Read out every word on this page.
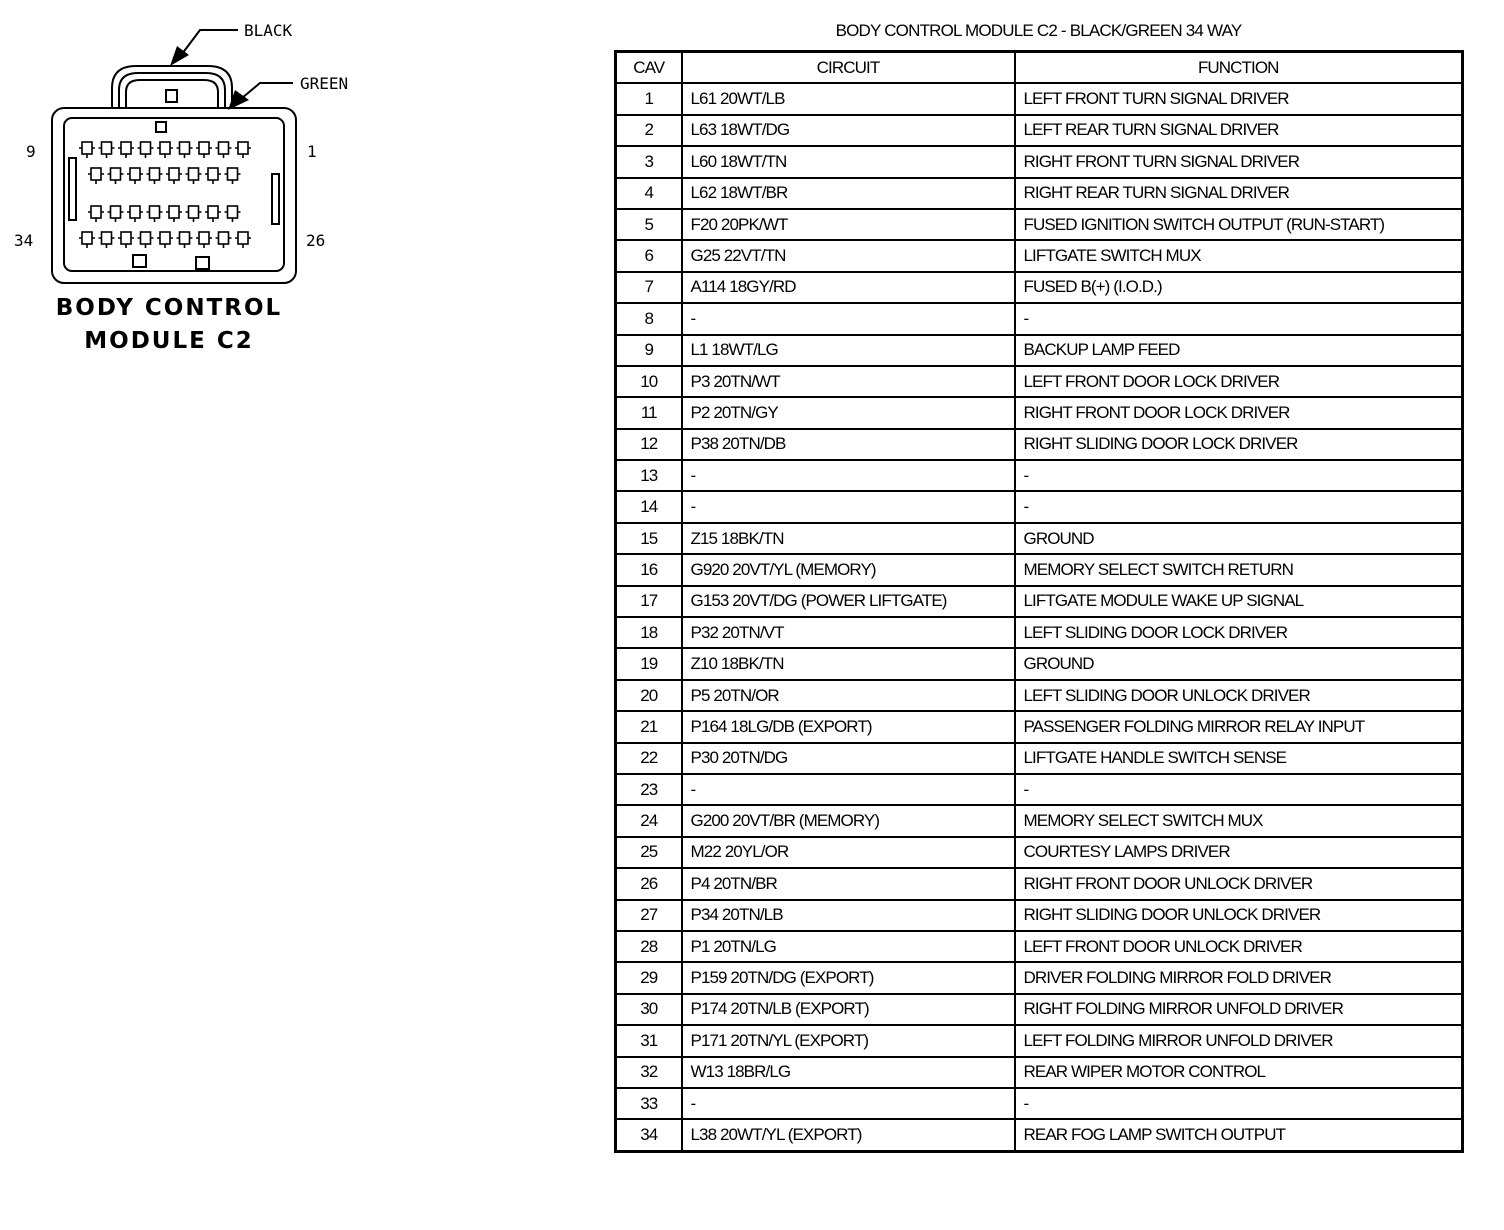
BLACK
GREEN
9	1
34	26
BODY CONTROL
MODULE C2
BODY CONTROL MODULE C2 - BLACK/GREEN 34 WAY
CAV	CIRCUIT	FUNCTION
1	L61 20WT/LB	LEFT FRONT TURN SIGNAL DRIVER
2	L63 18WT/DG	LEFT REAR TURN SIGNAL DRIVER
3	L60 18WT/TN	RIGHT FRONT TURN SIGNAL DRIVER
4	L62 18WT/BR	RIGHT REAR TURN SIGNAL DRIVER
5	F20 20PK/WT	FUSED IGNITION SWITCH OUTPUT (RUN-START)
6	G25 22VT/TN	LIFTGATE SWITCH MUX
7	A114 18GY/RD	FUSED B(+) (I.O.D.)
8	-	-
9	L1 18WT/LG	BACKUP LAMP FEED
10	P3 20TN/WT	LEFT FRONT DOOR LOCK DRIVER
11	P2 20TN/GY	RIGHT FRONT DOOR LOCK DRIVER
12	P38 20TN/DB	RIGHT SLIDING DOOR LOCK DRIVER
13	-	-
14	-	-
15	Z15 18BK/TN	GROUND
16	G920 20VT/YL (MEMORY)	MEMORY SELECT SWITCH RETURN
17	G153 20VT/DG (POWER LIFTGATE)	LIFTGATE MODULE WAKE UP SIGNAL
18	P32 20TN/VT	LEFT SLIDING DOOR LOCK DRIVER
19	Z10 18BK/TN	GROUND
20	P5 20TN/OR	LEFT SLIDING DOOR UNLOCK DRIVER
21	P164 18LG/DB (EXPORT)	PASSENGER FOLDING MIRROR RELAY INPUT
22	P30 20TN/DG	LIFTGATE HANDLE SWITCH SENSE
23	-	-
24	G200 20VT/BR (MEMORY)	MEMORY SELECT SWITCH MUX
25	M22 20YL/OR	COURTESY LAMPS DRIVER
26	P4 20TN/BR	RIGHT FRONT DOOR UNLOCK DRIVER
27	P34 20TN/LB	RIGHT SLIDING DOOR UNLOCK DRIVER
28	P1 20TN/LG	LEFT FRONT DOOR UNLOCK DRIVER
29	P159 20TN/DG (EXPORT)	DRIVER FOLDING MIRROR FOLD DRIVER
30	P174 20TN/LB (EXPORT)	RIGHT FOLDING MIRROR UNFOLD DRIVER
31	P171 20TN/YL (EXPORT)	LEFT FOLDING MIRROR UNFOLD DRIVER
32	W13 18BR/LG	REAR WIPER MOTOR CONTROL
33	-	-
34	L38 20WT/YL (EXPORT)	REAR FOG LAMP SWITCH OUTPUT
